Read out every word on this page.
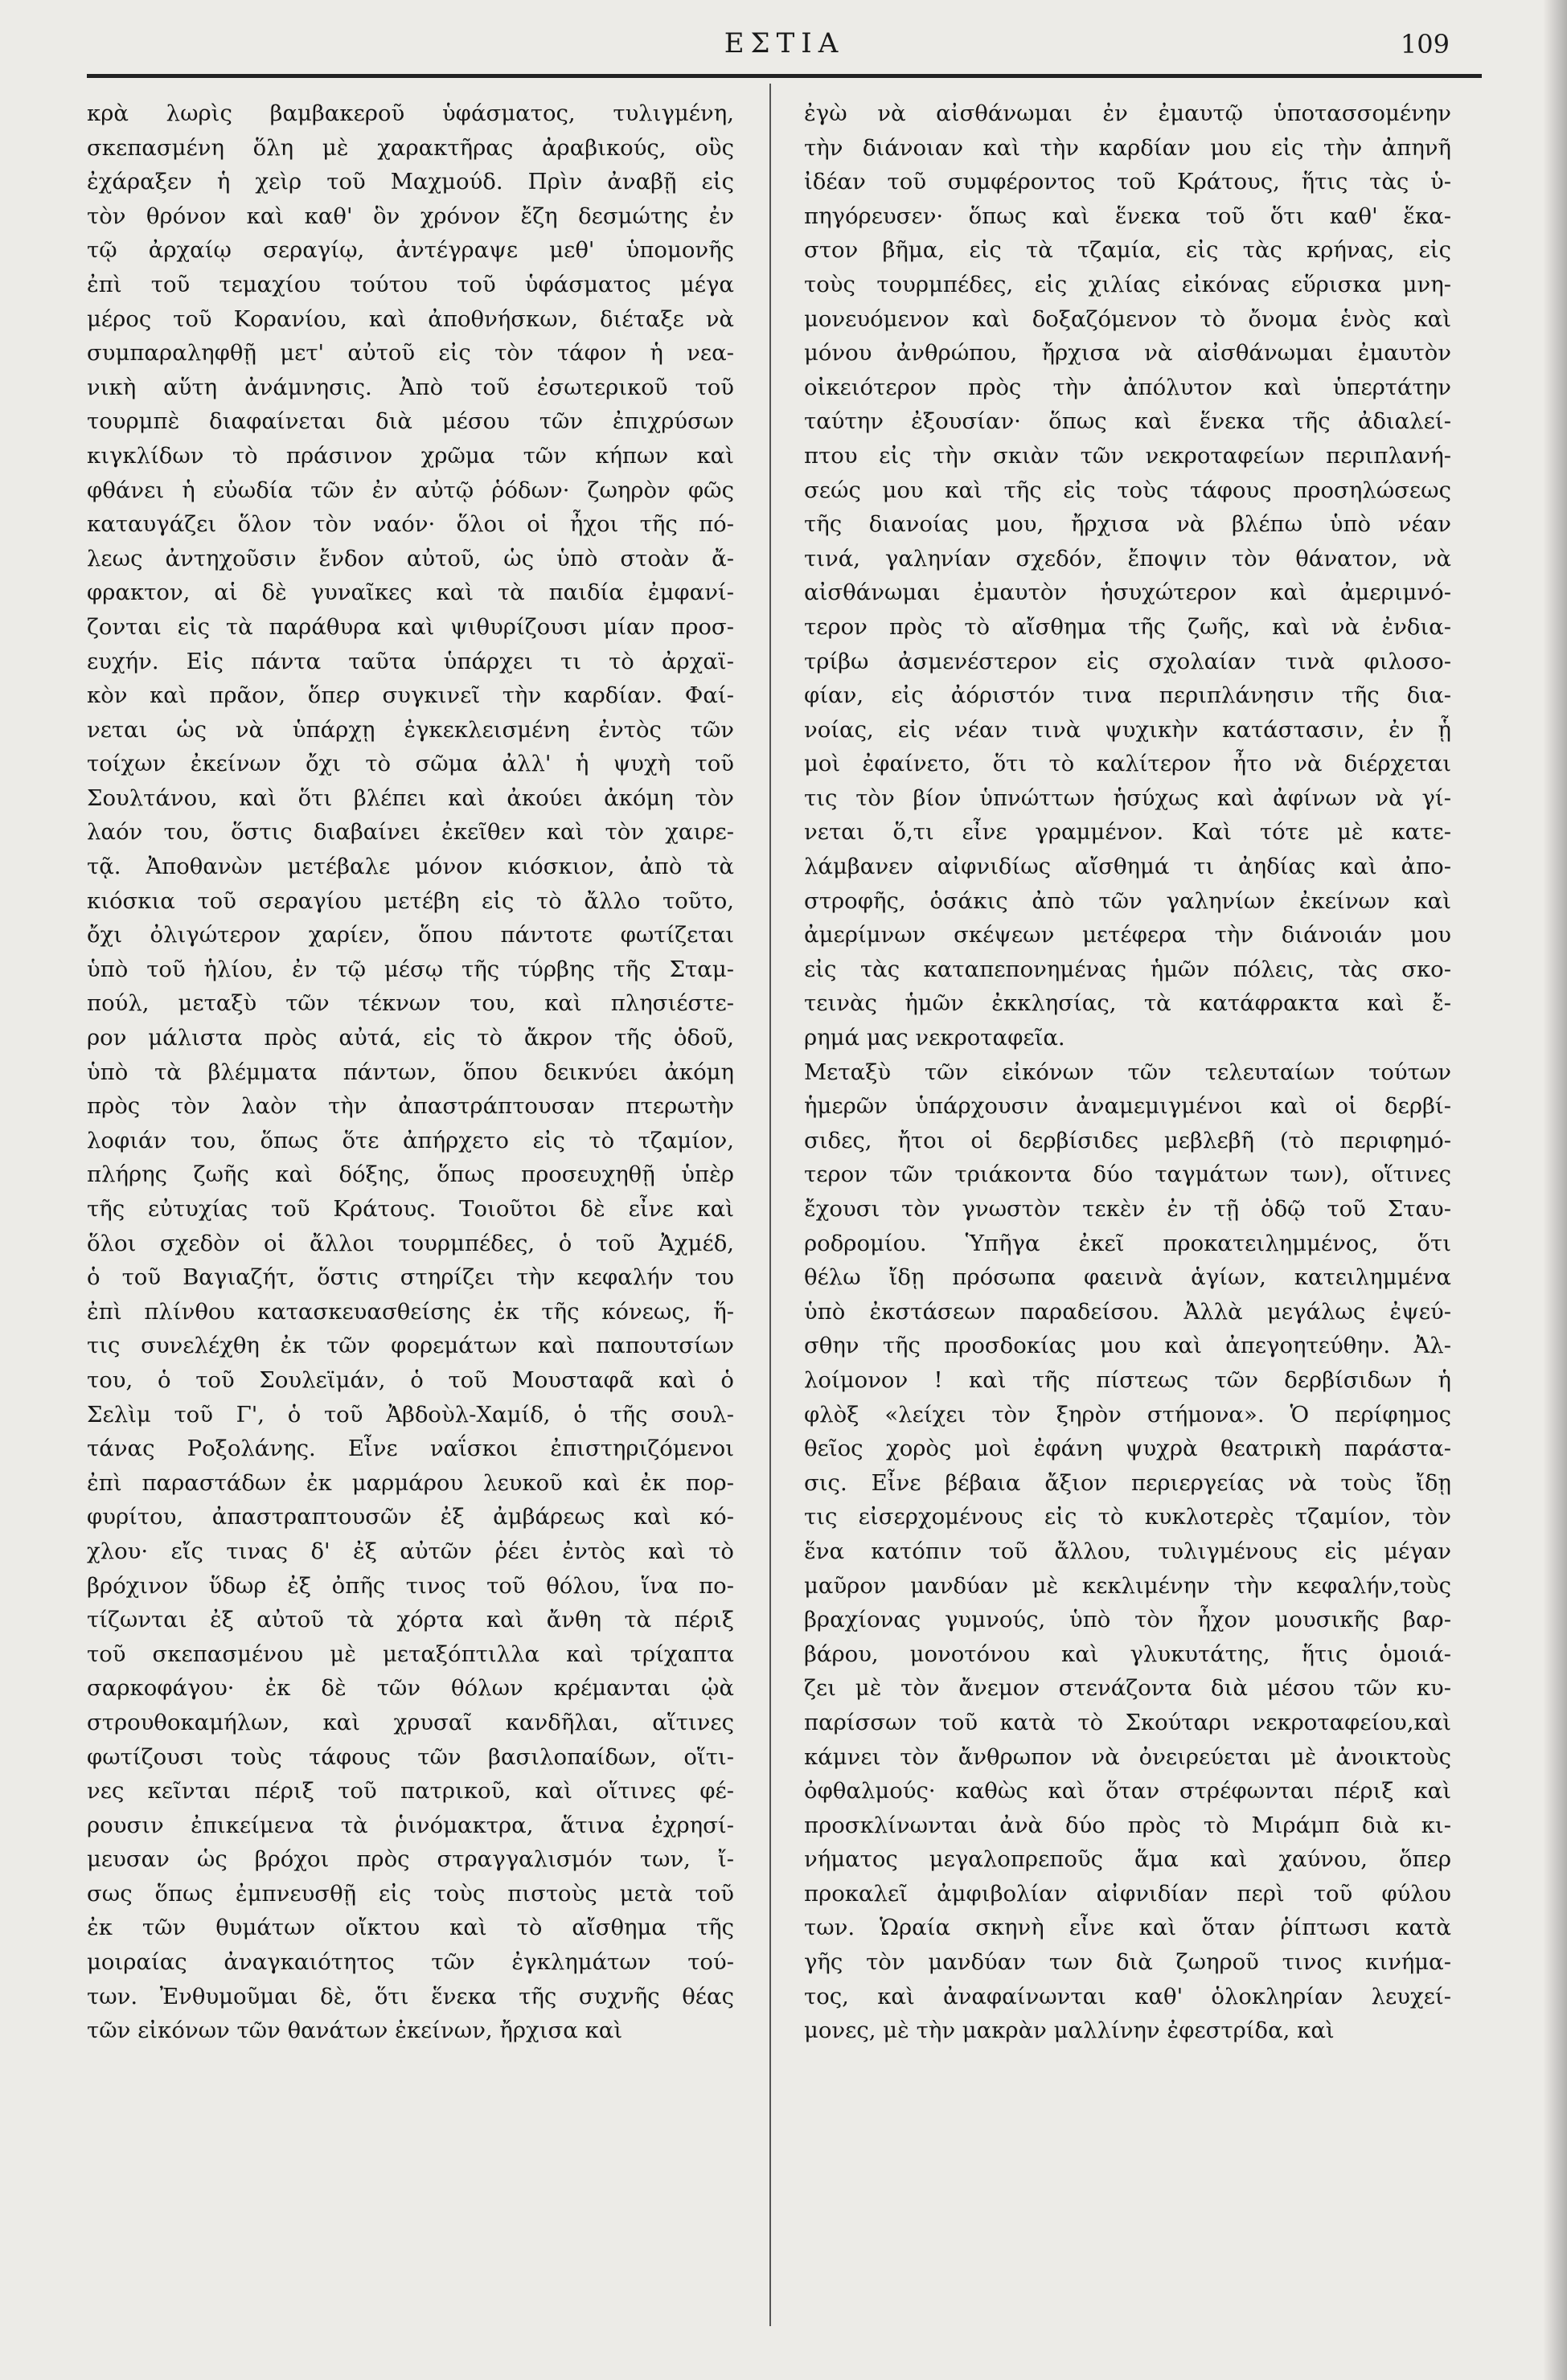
ΕΣΤΙΑ	109
κρὰ λωρὶς βαμβακεροῦ ὑφάσματος, τυλιγμένη,
σκεπασμένη ὅλη μὲ χαρακτῆρας ἀραβικούς, οὓς
ἐχάραξεν ἡ χεὶρ τοῦ Μαχμούδ. Πρὶν ἀναβῇ εἰς
τὸν θρόνον καὶ καθ' ὃν χρόνον ἔζη δεσμώτης ἐν
τῷ ἀρχαίῳ σεραγίῳ, ἀντέγραψε μεθ' ὑπομονῆς
ἐπὶ τοῦ τεμαχίου τούτου τοῦ ὑφάσματος μέγα
μέρος τοῦ Κορανίου, καὶ ἀποθνήσκων, διέταξε νὰ
συμπαραληφθῇ μετ' αὐτοῦ εἰς τὸν τάφον ἡ νεα-
νικὴ αὕτη ἀνάμνησις. Ἀπὸ τοῦ ἐσωτερικοῦ τοῦ
τουρμπὲ διαφαίνεται διὰ μέσου τῶν ἐπιχρύσων
κιγκλίδων τὸ πράσινον χρῶμα τῶν κήπων καὶ
φθάνει ἡ εὐωδία τῶν ἐν αὐτῷ ῥόδων· ζωηρὸν φῶς
καταυγάζει ὅλον τὸν ναόν· ὅλοι οἱ ἦχοι τῆς πό-
λεως ἀντηχοῦσιν ἔνδον αὐτοῦ, ὡς ὑπὸ στοὰν ἄ-
φρακτον, αἱ δὲ γυναῖκες καὶ τὰ παιδία ἐμφανί-
ζονται εἰς τὰ παράθυρα καὶ ψιθυρίζουσι μίαν προσ-
ευχήν. Εἰς πάντα ταῦτα ὑπάρχει τι τὸ ἀρχαϊ-
κὸν καὶ πρᾶον, ὅπερ συγκινεῖ τὴν καρδίαν. Φαί-
νεται ὡς νὰ ὑπάρχῃ ἐγκεκλεισμένη ἐντὸς τῶν
τοίχων ἐκείνων ὄχι τὸ σῶμα ἀλλ' ἡ ψυχὴ τοῦ
Σουλτάνου, καὶ ὅτι βλέπει καὶ ἀκούει ἀκόμη τὸν
λαόν του, ὅστις διαβαίνει ἐκεῖθεν καὶ τὸν χαιρε-
τᾷ. Ἀποθανὼν μετέβαλε μόνον κιόσκιον, ἀπὸ τὰ
κιόσκια τοῦ σεραγίου μετέβη εἰς τὸ ἄλλο τοῦτο,
ὄχι ὀλιγώτερον χαρίεν, ὅπου πάντοτε φωτίζεται
ὑπὸ τοῦ ἡλίου, ἐν τῷ μέσῳ τῆς τύρβης τῆς Σταμ-
πούλ, μεταξὺ τῶν τέκνων του, καὶ πλησιέστε-
ρον μάλιστα πρὸς αὐτά, εἰς τὸ ἄκρον τῆς ὁδοῦ,
ὑπὸ τὰ βλέμματα πάντων, ὅπου δεικνύει ἀκόμη
πρὸς τὸν λαὸν τὴν ἀπαστράπτουσαν πτερωτὴν
λοφιάν του, ὅπως ὅτε ἀπήρχετο εἰς τὸ τζαμίον,
πλήρης ζωῆς καὶ δόξης, ὅπως προσευχηθῇ ὑπὲρ
τῆς εὐτυχίας τοῦ Κράτους. Τοιοῦτοι δὲ εἶνε καὶ
ὅλοι σχεδὸν οἱ ἄλλοι τουρμπέδες, ὁ τοῦ Ἀχμέδ,
ὁ τοῦ Βαγιαζήτ, ὅστις στηρίζει τὴν κεφαλήν του
ἐπὶ πλίνθου κατασκευασθείσης ἐκ τῆς κόνεως, ἥ-
τις συνελέχθη ἐκ τῶν φορεμάτων καὶ παπουτσίων
του, ὁ τοῦ Σουλεϊμάν, ὁ τοῦ Μουσταφᾶ καὶ ὁ
Σελὶμ τοῦ Γ', ὁ τοῦ Ἀβδοὺλ-Χαμίδ, ὁ τῆς σουλ-
τάνας Ροξολάνης. Εἶνε ναΐσκοι ἐπιστηριζόμενοι
ἐπὶ παραστάδων ἐκ μαρμάρου λευκοῦ καὶ ἐκ πορ-
φυρίτου, ἀπαστραπτουσῶν ἐξ ἀμβάρεως καὶ κό-
χλου· εἴς τινας δ' ἐξ αὐτῶν ῥέει ἐντὸς καὶ τὸ
βρόχινον ὕδωρ ἐξ ὀπῆς τινος τοῦ θόλου, ἵνα πο-
τίζωνται ἐξ αὐτοῦ τὰ χόρτα καὶ ἄνθη τὰ πέριξ
τοῦ σκεπασμένου μὲ μεταξόπτιλλα καὶ τρίχαπτα
σαρκοφάγου· ἐκ δὲ τῶν θόλων κρέμανται ᾠὰ
στρουθοκαμήλων, καὶ χρυσαῖ κανδῆλαι, αἵτινες
φωτίζουσι τοὺς τάφους τῶν βασιλοπαίδων, οἵτι-
νες κεῖνται πέριξ τοῦ πατρικοῦ, καὶ οἵτινες φέ-
ρουσιν ἐπικείμενα τὰ ῥινόμακτρα, ἅτινα ἐχρησί-
μευσαν ὡς βρόχοι πρὸς στραγγαλισμόν των, ἴ-
σως ὅπως ἐμπνευσθῇ εἰς τοὺς πιστοὺς μετὰ τοῦ
ἐκ τῶν θυμάτων οἴκτου καὶ τὸ αἴσθημα τῆς
μοιραίας ἀναγκαιότητος τῶν ἐγκλημάτων τού-
των. Ἐνθυμοῦμαι δὲ, ὅτι ἕνεκα τῆς συχνῆς θέας
τῶν εἰκόνων τῶν θανάτων ἐκείνων, ἤρχισα καὶ
ἐγὼ νὰ αἰσθάνωμαι ἐν ἐμαυτῷ ὑποτασσομένην
τὴν διάνοιαν καὶ τὴν καρδίαν μου εἰς τὴν ἀπηνῆ
ἰδέαν τοῦ συμφέροντος τοῦ Κράτους, ἥτις τὰς ὑ-
πηγόρευσεν· ὅπως καὶ ἕνεκα τοῦ ὅτι καθ' ἕκα-
στον βῆμα, εἰς τὰ τζαμία, εἰς τὰς κρήνας, εἰς
τοὺς τουρμπέδες, εἰς χιλίας εἰκόνας εὕρισκα μνη-
μονευόμενον καὶ δοξαζόμενον τὸ ὄνομα ἑνὸς καὶ
μόνου ἀνθρώπου, ἤρχισα νὰ αἰσθάνωμαι ἐμαυτὸν
οἰκειότερον πρὸς τὴν ἀπόλυτον καὶ ὑπερτάτην
ταύτην ἐξουσίαν· ὅπως καὶ ἕνεκα τῆς ἀδιαλεί-
πτου εἰς τὴν σκιὰν τῶν νεκροταφείων περιπλανή-
σεώς μου καὶ τῆς εἰς τοὺς τάφους προσηλώσεως
τῆς διανοίας μου, ἤρχισα νὰ βλέπω ὑπὸ νέαν
τινά, γαληνίαν σχεδόν, ἔποψιν τὸν θάνατον, νὰ
αἰσθάνωμαι ἐμαυτὸν ἡσυχώτερον καὶ ἀμεριμνό-
τερον πρὸς τὸ αἴσθημα τῆς ζωῆς, καὶ νὰ ἐνδια-
τρίβω ἀσμενέστερον εἰς σχολαίαν τινὰ φιλοσο-
φίαν, εἰς ἀόριστόν τινα περιπλάνησιν τῆς δια-
νοίας, εἰς νέαν τινὰ ψυχικὴν κατάστασιν, ἐν ᾗ
μοὶ ἐφαίνετο, ὅτι τὸ καλίτερον ἦτο νὰ διέρχεται
τις τὸν βίον ὑπνώττων ἡσύχως καὶ ἀφίνων νὰ γί-
νεται ὅ,τι εἶνε γραμμένον. Καὶ τότε μὲ κατε-
λάμβανεν αἰφνιδίως αἴσθημά τι ἀηδίας καὶ ἀπο-
στροφῆς, ὁσάκις ἀπὸ τῶν γαληνίων ἐκείνων καὶ
ἀμερίμνων σκέψεων μετέφερα τὴν διάνοιάν μου
εἰς τὰς καταπεπονημένας ἡμῶν πόλεις, τὰς σκο-
τεινὰς ἡμῶν ἐκκλησίας, τὰ κατάφρακτα καὶ ἔ-
ρημά μας νεκροταφεῖα.
Μεταξὺ τῶν εἰκόνων τῶν τελευταίων τούτων
ἡμερῶν ὑπάρχουσιν ἀναμεμιγμένοι καὶ οἱ δερβί-
σιδες, ἤτοι οἱ δερβίσιδες μεβλεβῆ (τὸ περιφημό-
τερον τῶν τριάκοντα δύο ταγμάτων των), οἵτινες
ἔχουσι τὸν γνωστὸν τεκὲν ἐν τῇ ὁδῷ τοῦ Σταυ-
ροδρομίου. Ὑπῆγα ἐκεῖ προκατειλημμένος, ὅτι
θέλω ἴδῃ πρόσωπα φαεινὰ ἁγίων, κατειλημμένα
ὑπὸ ἐκστάσεων παραδείσου. Ἀλλὰ μεγάλως ἐψεύ-
σθην τῆς προσδοκίας μου καὶ ἀπεγοητεύθην. Ἀλ-
λοίμονον ! καὶ τῆς πίστεως τῶν δερβίσιδων ἡ
φλὸξ «λείχει τὸν ξηρὸν στήμονα». Ὁ περίφημος
θεῖος χορὸς μοὶ ἐφάνη ψυχρὰ θεατρικὴ παράστα-
σις. Εἶνε βέβαια ἄξιον περιεργείας νὰ τοὺς ἴδῃ
τις εἰσερχομένους εἰς τὸ κυκλοτερὲς τζαμίον, τὸν
ἕνα κατόπιν τοῦ ἄλλου, τυλιγμένους εἰς μέγαν
μαῦρον μανδύαν μὲ κεκλιμένην τὴν κεφαλήν,τοὺς
βραχίονας γυμνούς, ὑπὸ τὸν ἦχον μουσικῆς βαρ-
βάρου, μονοτόνου καὶ γλυκυτάτης, ἥτις ὁμοιά-
ζει μὲ τὸν ἄνεμον στενάζοντα διὰ μέσου τῶν κυ-
παρίσσων τοῦ κατὰ τὸ Σκούταρι νεκροταφείου,καὶ
κάμνει τὸν ἄνθρωπον νὰ ὀνειρεύεται μὲ ἀνοικτοὺς
ὀφθαλμούς· καθὼς καὶ ὅταν στρέφωνται πέριξ καὶ
προσκλίνωνται ἀνὰ δύο πρὸς τὸ Μιράμπ διὰ κι-
νήματος μεγαλοπρεποῦς ἅμα καὶ χαύνου, ὅπερ
προκαλεῖ ἀμφιβολίαν αἰφνιδίαν περὶ τοῦ φύλου
των. Ὡραία σκηνὴ εἶνε καὶ ὅταν ῥίπτωσι κατὰ
γῆς τὸν μανδύαν των διὰ ζωηροῦ τινος κινήμα-
τος, καὶ ἀναφαίνωνται καθ' ὁλοκληρίαν λευχεί-
μονες, μὲ τὴν μακρὰν μαλλίνην ἐφεστρίδα, καὶ
